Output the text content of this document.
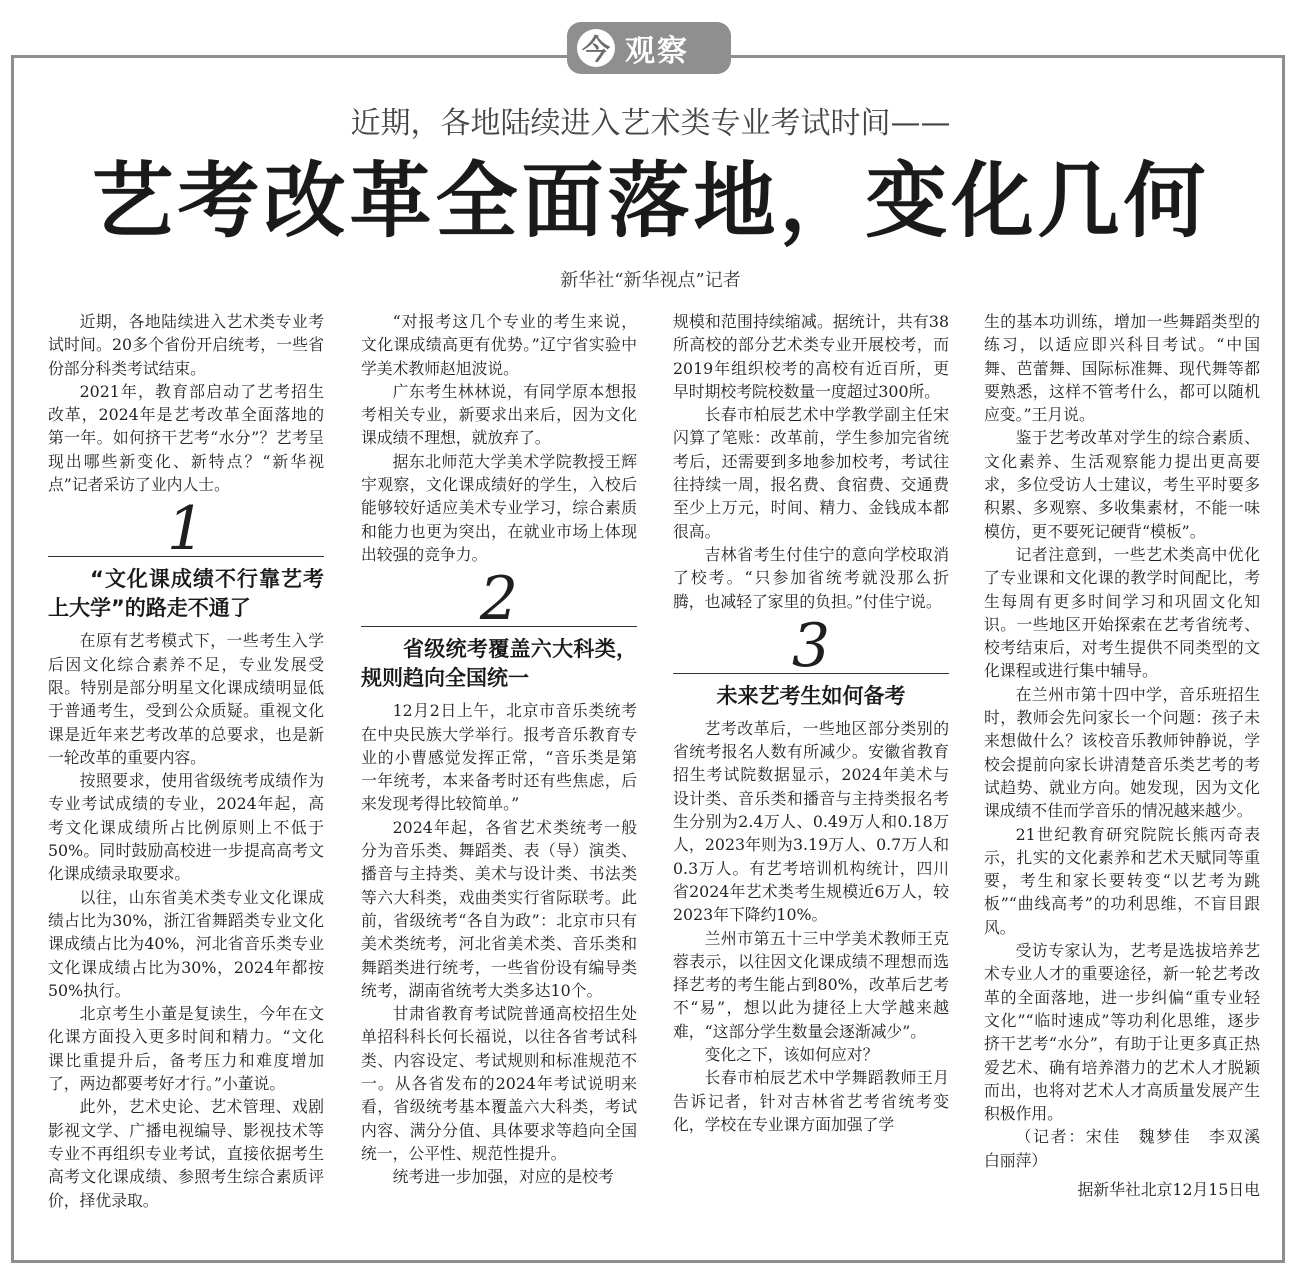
今 观察
近期，各地陆续进入艺术类专业考试时间——
艺考改革全面落地，变化几何
新华社“新华视点”记者

近期，各地陆续进入艺术类专业考试时间。20多个省份开启统考，一些省份部分科类考试结束。

2021年，教育部启动了艺考招生改革，2024年是艺考改革全面落地的第一年。如何挤干艺考“水分”？艺考呈现出哪些新变化、新特点？“新华视点”记者采访了业内人士。

1
“文化课成绩不行靠艺考上大学”的路走不通了

在原有艺考模式下，一些考生入学后因文化综合素养不足，专业发展受限。特别是部分明星文化课成绩明显低于普通考生，受到公众质疑。重视文化课是近年来艺考改革的总要求，也是新一轮改革的重要内容。

按照要求，使用省级统考成绩作为专业考试成绩的专业，2024年起，高考文化课成绩所占比例原则上不低于50%。同时鼓励高校进一步提高高考文化课成绩录取要求。

以往，山东省美术类专业文化课成绩占比为30%，浙江省舞蹈类专业文化课成绩占比为40%，河北省音乐类专业文化课成绩占比为30%，2024年都按50%执行。

北京考生小董是复读生，今年在文化课方面投入更多时间和精力。“文化课比重提升后，备考压力和难度增加了，两边都要考好才行。”小董说。

此外，艺术史论、艺术管理、戏剧影视文学、广播电视编导、影视技术等专业不再组织专业考试，直接依据考生高考文化课成绩、参照考生综合素质评价，择优录取。

“对报考这几个专业的考生来说，文化课成绩高更有优势。”辽宁省实验中学美术教师赵旭波说。

广东考生林林说，有同学原本想报考相关专业，新要求出来后，因为文化课成绩不理想，就放弃了。

据东北师范大学美术学院教授王辉宇观察，文化课成绩好的学生，入校后能够较好适应美术专业学习，综合素质和能力也更为突出，在就业市场上体现出较强的竞争力。

2
省级统考覆盖六大科类，规则趋向全国统一

12月2日上午，北京市音乐类统考在中央民族大学举行。报考音乐教育专业的小曹感觉发挥正常，“音乐类是第一年统考，本来备考时还有些焦虑，后来发现考得比较简单。”

2024年起，各省艺术类统考一般分为音乐类、舞蹈类、表（导）演类、播音与主持类、美术与设计类、书法类等六大科类，戏曲类实行省际联考。此前，省级统考“各自为政”：北京市只有美术类统考，河北省美术类、音乐类和舞蹈类进行统考，一些省份设有编导类统考，湖南省统考大类多达10个。

甘肃省教育考试院普通高校招生处单招科科长何长福说，以往各省考试科类、内容设定、考试规则和标准规范不一。从各省发布的2024年考试说明来看，省级统考基本覆盖六大科类，考试内容、满分分值、具体要求等趋向全国统一，公平性、规范性提升。

统考进一步加强，对应的是校考

规模和范围持续缩减。据统计，共有38所高校的部分艺术类专业开展校考，而2019年组织校考的高校有近百所，更早时期校考院校数量一度超过300所。

长春市柏辰艺术中学教学副主任宋闪算了笔账：改革前，学生参加完省统考后，还需要到多地参加校考，考试往往持续一周，报名费、食宿费、交通费至少上万元，时间、精力、金钱成本都很高。

吉林省考生付佳宁的意向学校取消了校考。“只参加省统考就没那么折腾，也减轻了家里的负担。”付佳宁说。

3
未来艺考生如何备考

艺考改革后，一些地区部分类别的省统考报名人数有所减少。安徽省教育招生考试院数据显示，2024年美术与设计类、音乐类和播音与主持类报名考生分别为2.4万人、0.49万人和0.18万人，2023年则为3.19万人、0.7万人和0.3万人。有艺考培训机构统计，四川省2024年艺术类考生规模近6万人，较2023年下降约10%。

兰州市第五十三中学美术教师王克蓉表示，以往因文化课成绩不理想而选择艺考的考生能占到80%，改革后艺考不“易”，想以此为捷径上大学越来越难，“这部分学生数量会逐渐减少”。

变化之下，该如何应对？

长春市柏辰艺术中学舞蹈教师王月告诉记者，针对吉林省艺考省统考变化，学校在专业课方面加强了学

生的基本功训练，增加一些舞蹈类型的练习，以适应即兴科目考试。“中国舞、芭蕾舞、国际标准舞、现代舞等都要熟悉，这样不管考什么，都可以随机应变。”王月说。

鉴于艺考改革对学生的综合素质、文化素养、生活观察能力提出更高要求，多位受访人士建议，考生平时要多积累、多观察、多收集素材，不能一味模仿，更不要死记硬背“模板”。

记者注意到，一些艺术类高中优化了专业课和文化课的教学时间配比，考生每周有更多时间学习和巩固文化知识。一些地区开始探索在艺考省统考、校考结束后，对考生提供不同类型的文化课程或进行集中辅导。

在兰州市第十四中学，音乐班招生时，教师会先问家长一个问题：孩子未来想做什么？该校音乐教师钟静说，学校会提前向家长讲清楚音乐类艺考的考试趋势、就业方向。她发现，因为文化课成绩不佳而学音乐的情况越来越少。

21世纪教育研究院院长熊丙奇表示，扎实的文化素养和艺术天赋同等重要，考生和家长要转变“以艺考为跳板”“曲线高考”的功利思维，不盲目跟风。

受访专家认为，艺考是选拔培养艺术专业人才的重要途径，新一轮艺考改革的全面落地，进一步纠偏“重专业轻文化”“临时速成”等功利化思维，逐步挤干艺考“水分”，有助于让更多真正热爱艺术、确有培养潜力的艺术人才脱颖而出，也将对艺术人才高质量发展产生积极作用。

（记者：宋佳　魏梦佳　李双溪　白丽萍）

据新华社北京12月15日电
